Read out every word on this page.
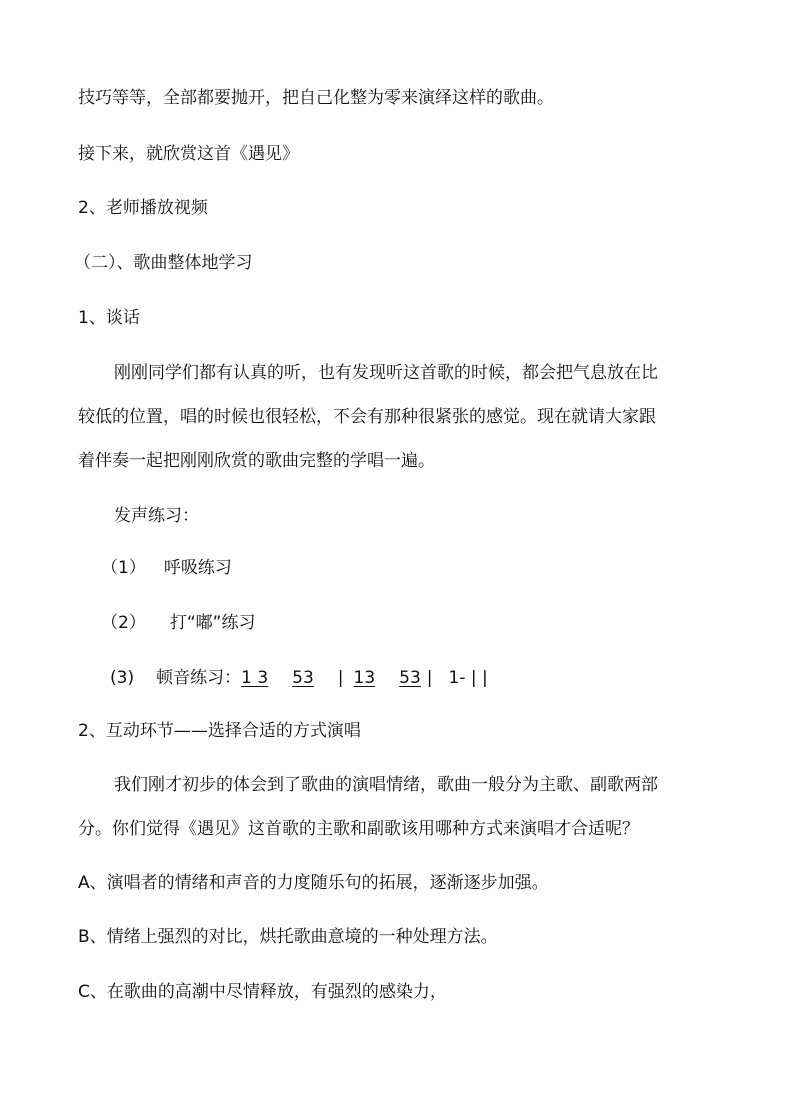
技巧等等，全部都要抛开，把自己化整为零来演绎这样的歌曲。
接下来，就欣赏这首《遇见》
2、老师播放视频
（二）、歌曲整体地学习
1、谈话
刚刚同学们都有认真的听，也有发现听这首歌的时候，都会把气息放在比
较低的位置，唱的时候也很轻松，不会有那种很紧张的感觉。现在就请大家跟
着伴奏一起把刚刚欣赏的歌曲完整的学唱一遍。
发声练习：
（1） 呼吸练习
（2） 打“嘟”练习
(3) 顿音练习：1 3 53 | 13 53 | 1- | |
2、互动环节——选择合适的方式演唱
我们刚才初步的体会到了歌曲的演唱情绪，歌曲一般分为主歌、副歌两部
分。你们觉得《遇见》这首歌的主歌和副歌该用哪种方式来演唱才合适呢？
A、演唱者的情绪和声音的力度随乐句的拓展，逐渐逐步加强。
B、情绪上强烈的对比，烘托歌曲意境的一种处理方法。
C、在歌曲的高潮中尽情释放，有强烈的感染力，
